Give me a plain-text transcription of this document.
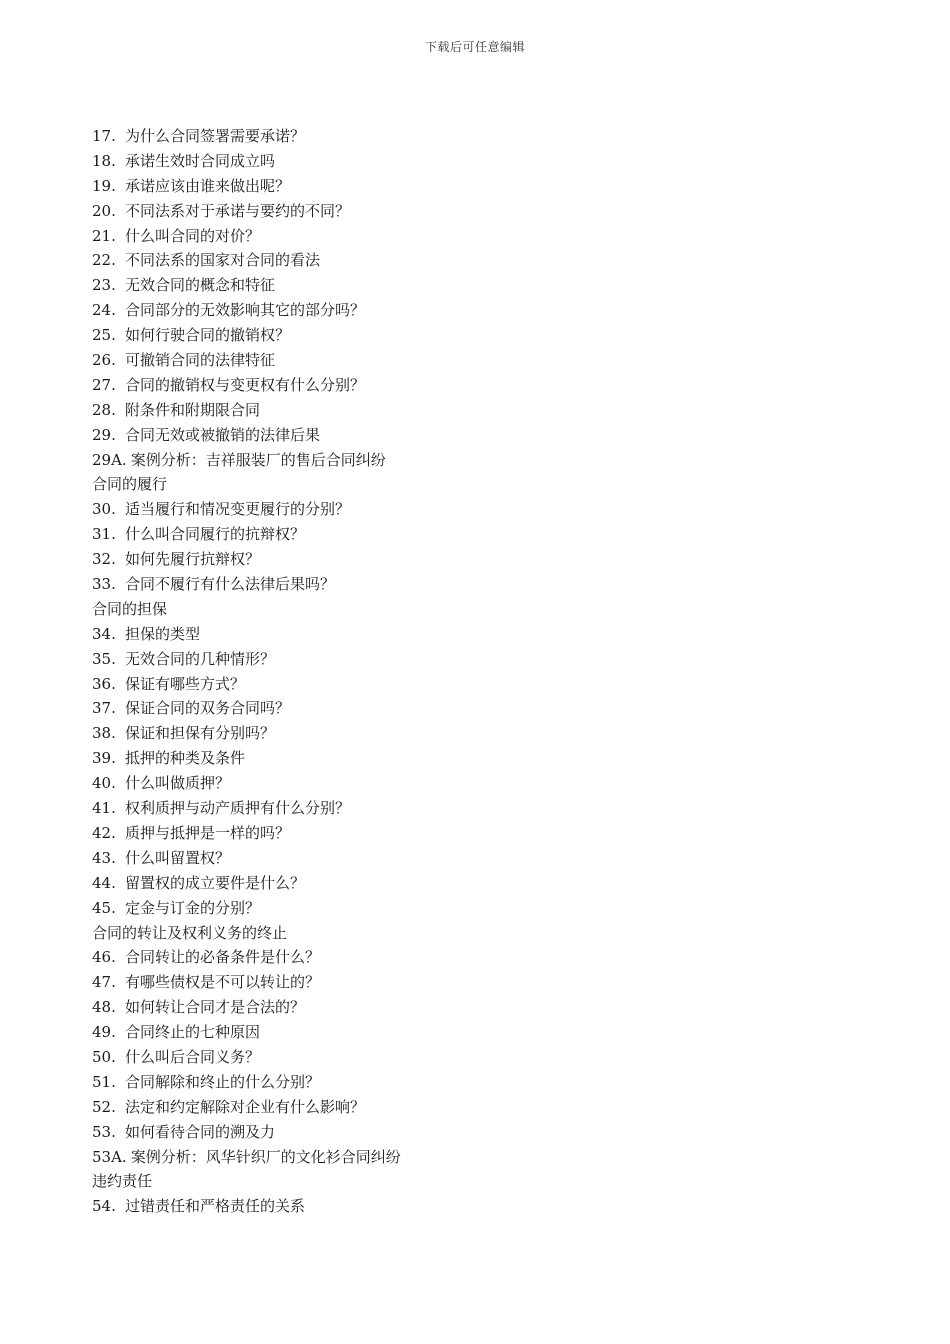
下载后可任意编辑
17. 为什么合同签署需要承诺？
18. 承诺生效时合同成立吗
19. 承诺应该由谁来做出呢？
20. 不同法系对于承诺与要约的不同？
21. 什么叫合同的对价？
22. 不同法系的国家对合同的看法
23. 无效合同的概念和特征
24. 合同部分的无效影响其它的部分吗？
25. 如何行驶合同的撤销权？
26. 可撤销合同的法律特征
27. 合同的撤销权与变更权有什么分别？
28. 附条件和附期限合同
29. 合同无效或被撤销的法律后果
29A. 案例分析：吉祥服装厂的售后合同纠纷
合同的履行
30. 适当履行和情况变更履行的分别？
31. 什么叫合同履行的抗辩权？
32. 如何先履行抗辩权？
33. 合同不履行有什么法律后果吗？
合同的担保
34. 担保的类型
35. 无效合同的几种情形？
36. 保证有哪些方式？
37. 保证合同的双务合同吗？
38. 保证和担保有分别吗？
39. 抵押的种类及条件
40. 什么叫做质押？
41. 权利质押与动产质押有什么分别？
42. 质押与抵押是一样的吗？
43. 什么叫留置权？
44. 留置权的成立要件是什么？
45. 定金与订金的分别？
合同的转让及权利义务的终止
46. 合同转让的必备条件是什么？
47. 有哪些债权是不可以转让的？
48. 如何转让合同才是合法的？
49. 合同终止的七种原因
50. 什么叫后合同义务？
51. 合同解除和终止的什么分别？
52. 法定和约定解除对企业有什么影响？
53. 如何看待合同的溯及力
53A. 案例分析：风华针织厂的文化衫合同纠纷
违约责任
54. 过错责任和严格责任的关系
